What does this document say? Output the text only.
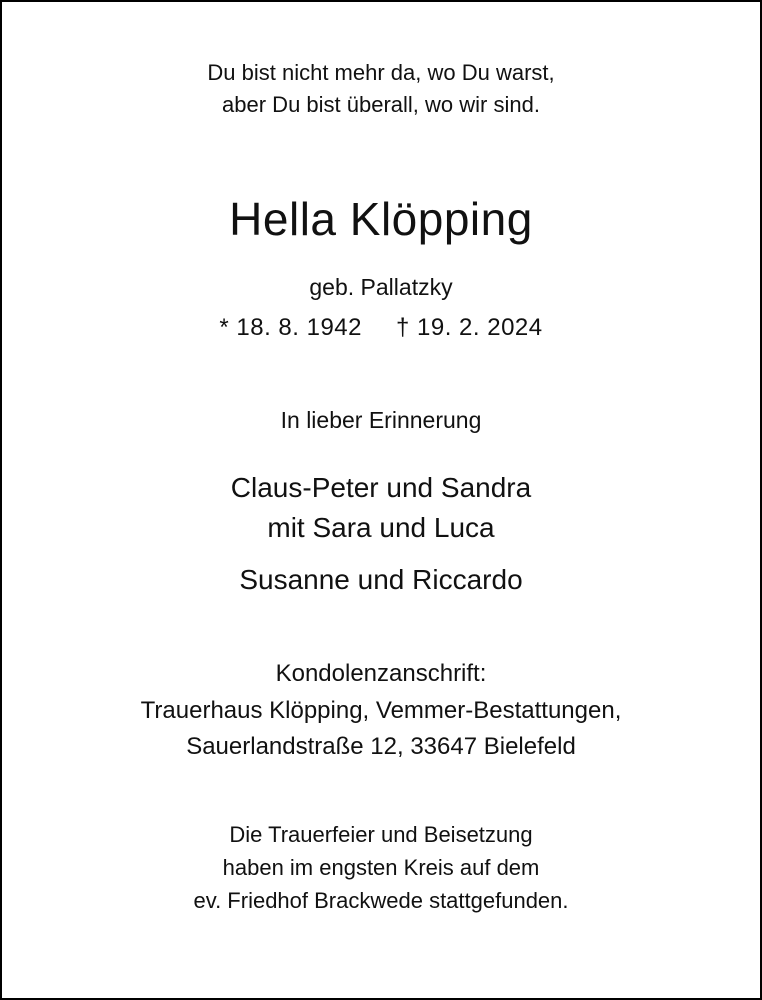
Du bist nicht mehr da, wo Du warst,

aber Du bist überall, wo wir sind.

Hella Klöpping

geb. Pallatzky

* 18. 8. 1942 † 19. 2. 2024

In lieber Erinnerung

Claus-Peter und Sandra

mit Sara und Luca

Susanne und Riccardo

Kondolenzanschrift:

Trauerhaus Klöpping, Vemmer-Bestattungen,

Sauerlandstraße 12, 33647 Bielefeld

Die Trauerfeier und Beisetzung

haben im engsten Kreis auf dem

ev. Friedhof Brackwede stattgefunden.
